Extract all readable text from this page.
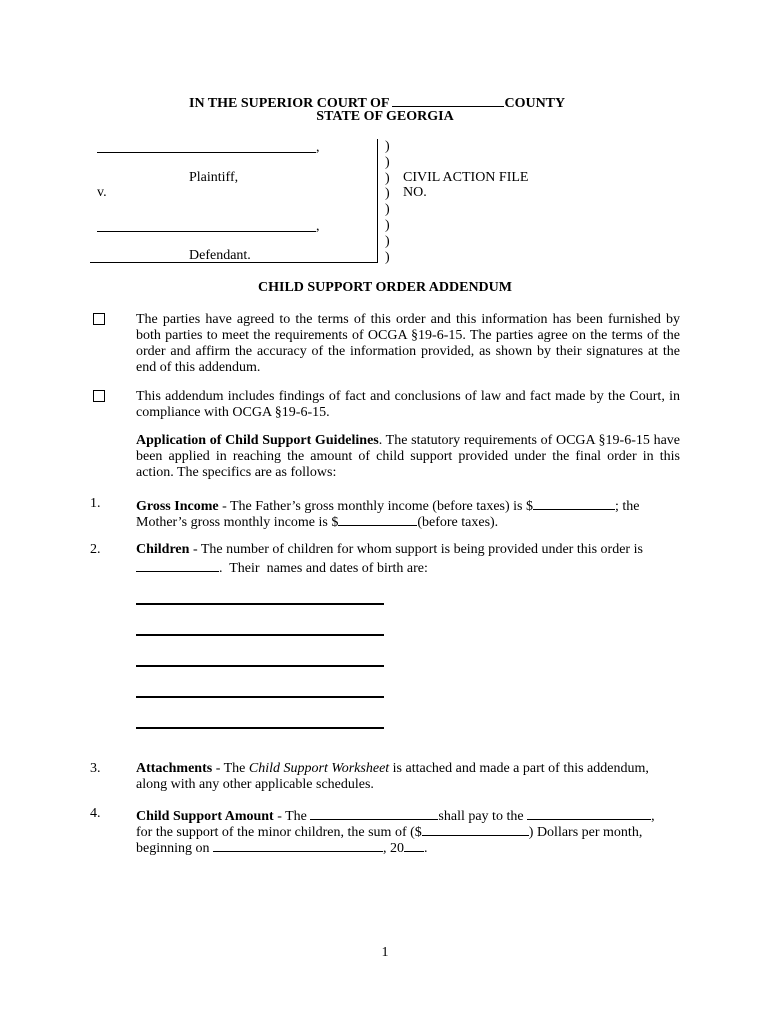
IN THE SUPERIOR COURT OF	COUNTY
STATE OF GEORGIA
,
Plaintiff,
v.
,
Defendant.
)
)
)
)
)
)
)
)
CIVIL ACTION FILE
NO.
CHILD SUPPORT ORDER ADDENDUM
The parties have agreed to the terms of this order and this information has been furnished by both parties to meet the requirements of OCGA §19-6-15. The parties agree on the terms of the order and affirm the accuracy of the information provided, as shown by their signatures at the end of this addendum.
This addendum includes findings of fact and conclusions of law and fact made by the Court, in compliance with OCGA §19-6-15.
Application of Child Support Guidelines. The statutory requirements of OCGA §19-6-15 have been applied in reaching the amount of child support provided under the final order in this action. The specifics are as follows:
1.	Gross Income - The Father’s gross monthly income (before taxes) is $	; the
Mother’s gross monthly income is $	(before taxes).
2.	Children - The number of children for whom support is being provided under this order is
.  Their  names and dates of birth are:
3.	Attachments - The Child Support Worksheet is attached and made a part of this addendum,
along with any other applicable schedules.
4.	Child Support Amount - The	shall pay to the	,
for the support of the minor children, the sum of ($	) Dollars per month,
beginning on	, 20 .
1
